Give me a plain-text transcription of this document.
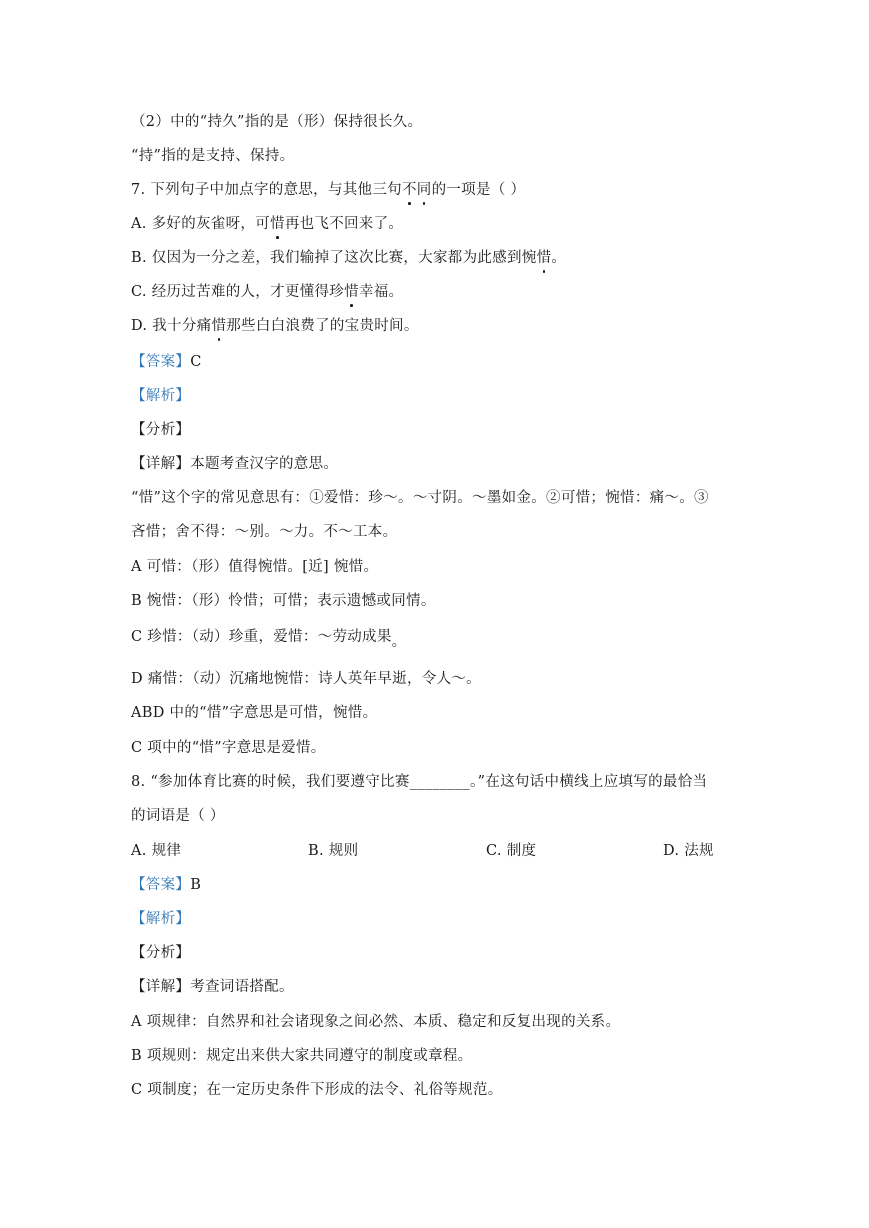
（2）中的“持久”指的是（形）保持很长久。
“持”指的是支持、保持。
7. 下列句子中加点字的意思，与其他三句不同的一项是（ ）
A. 多好的灰雀呀，可惜再也飞不回来了。
B. 仅因为一分之差，我们输掉了这次比赛，大家都为此感到惋惜。
C. 经历过苦难的人，才更懂得珍惜幸福。
D. 我十分痛惜那些白白浪费了的宝贵时间。
【答案】C
【解析】
【分析】
【详解】本题考查汉字的意思。
“惜”这个字的常见意思有：①爱惜：珍～。～寸阴。～墨如金。②可惜；惋惜：痛～。③
吝惜；舍不得：～别。～力。不～工本。
A 可惜：（形）值得惋惜。[近] 惋惜。
B 惋惜：（形）怜惜；可惜；表示遗憾或同情。
C 珍惜：（动）珍重，爱惜：～劳动成果。
D 痛惜：（动）沉痛地惋惜：诗人英年早逝，令人～。
ABD 中的“惜”字意思是可惜，惋惜。
C 项中的“惜”字意思是爱惜。
8. “参加体育比赛的时候，我们要遵守比赛________。”在这句话中横线上应填写的最恰当
的词语是（ ）
A. 规律	B. 规则	C. 制度	D. 法规
【答案】B
【解析】
【分析】
【详解】考查词语搭配。
A 项规律：自然界和社会诸现象之间必然、本质、稳定和反复出现的关系。
B 项规则：规定出来供大家共同遵守的制度或章程。
C 项制度；在一定历史条件下形成的法令、礼俗等规范。
